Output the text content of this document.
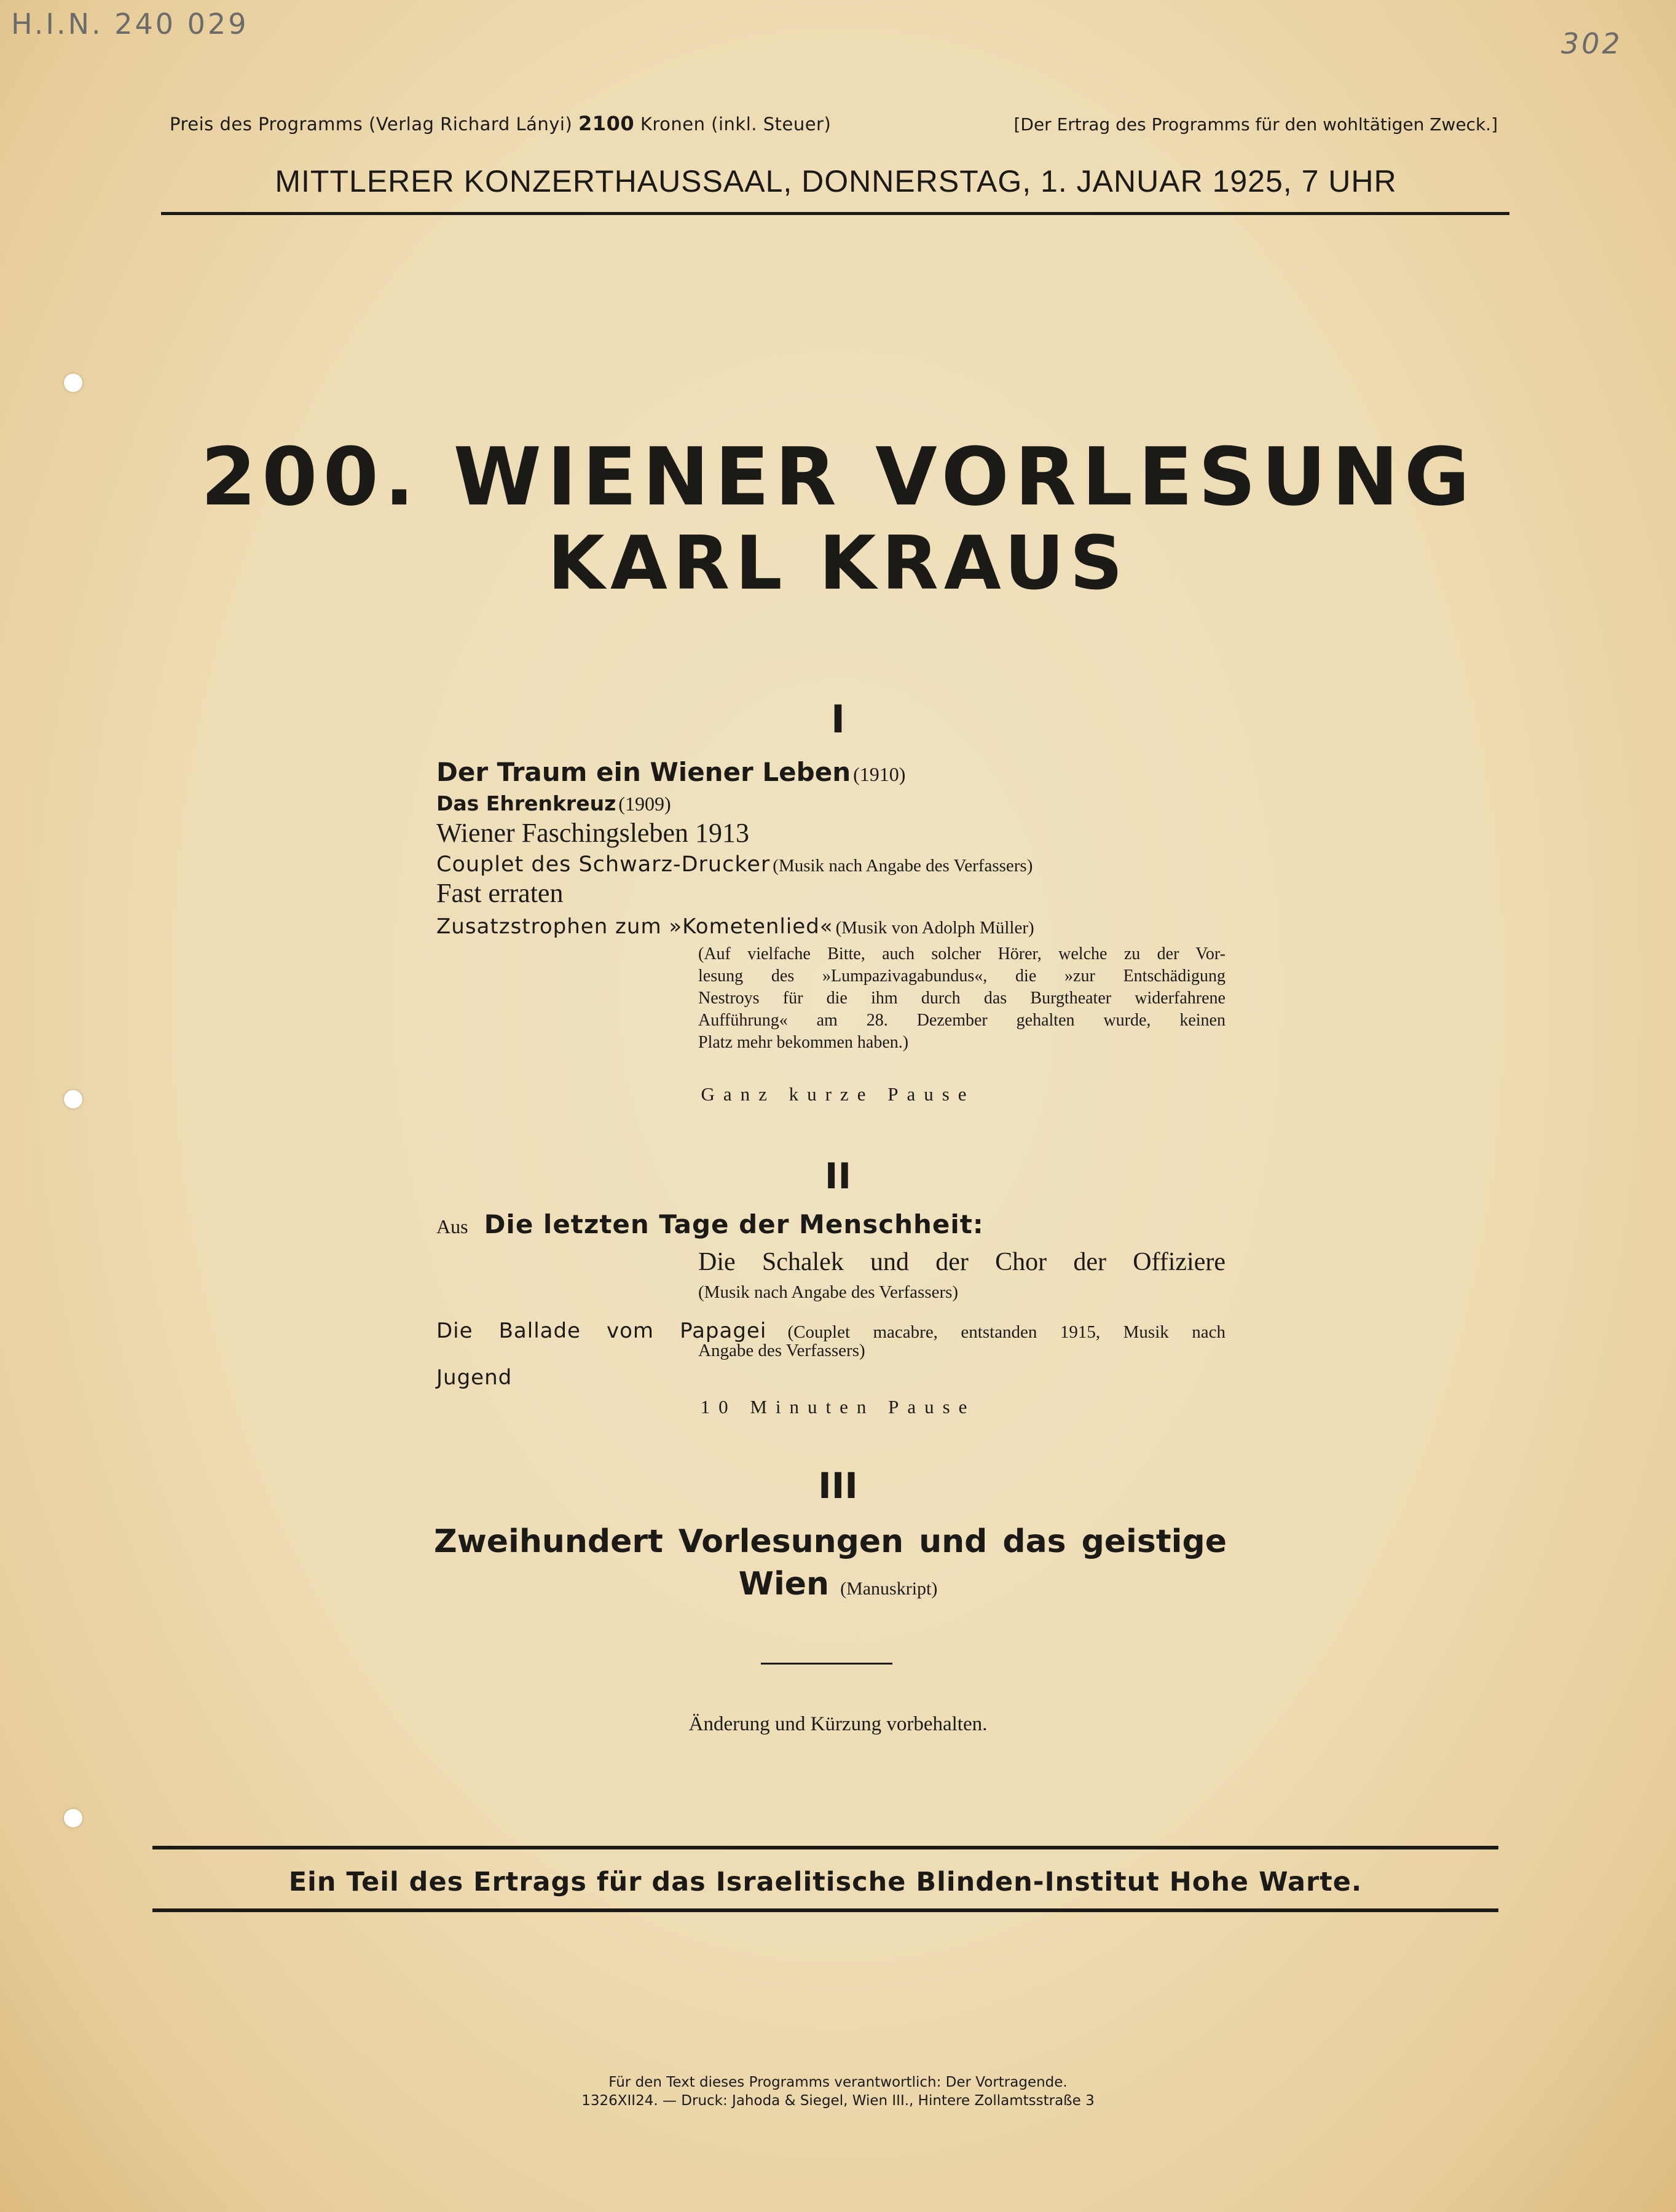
H.I.N. 240 029
302
Preis des Programms (Verlag Richard Lányi) 2100 Kronen (inkl. Steuer)	[Der Ertrag des Programms für den wohltätigen Zweck.]
MITTLERER KONZERTHAUSSAAL, DONNERSTAG, 1. JANUAR 1925, 7 UHR
200. WIENER VORLESUNG
KARL KRAUS
I
Der Traum ein Wiener Leben (1910)
Das Ehrenkreuz (1909)
Wiener Faschingsleben 1913
Couplet des Schwarz-Drucker (Musik nach Angabe des Verfassers)
Fast erraten
Zusatzstrophen zum »Kometenlied« (Musik von Adolph Müller)
(Auf vielfache Bitte, auch solcher Hörer, welche zu der Vor-
lesung des »Lumpazivagabundus«, die »zur Entschädigung
Nestroys für die ihm durch das Burgtheater widerfahrene
Aufführung« am 28. Dezember gehalten wurde, keinen
Platz mehr bekommen haben.)
Ganz kurze Pause
II
Aus Die letzten Tage der Menschheit:
Die Schalek und der Chor der Offiziere
(Musik nach Angabe des Verfassers)
Die Ballade vom Papagei (Couplet macabre, entstanden 1915, Musik nach
Angabe des Verfassers)
Jugend
10 Minuten Pause
III
Zweihundert Vorlesungen und das geistige
Wien (Manuskript)
Änderung und Kürzung vorbehalten.
Ein Teil des Ertrags für das Israelitische Blinden-Institut Hohe Warte.
Für den Text dieses Programms verantwortlich: Der Vortragende.
1326XII24. — Druck: Jahoda & Siegel, Wien III., Hintere Zollamtsstraße 3
